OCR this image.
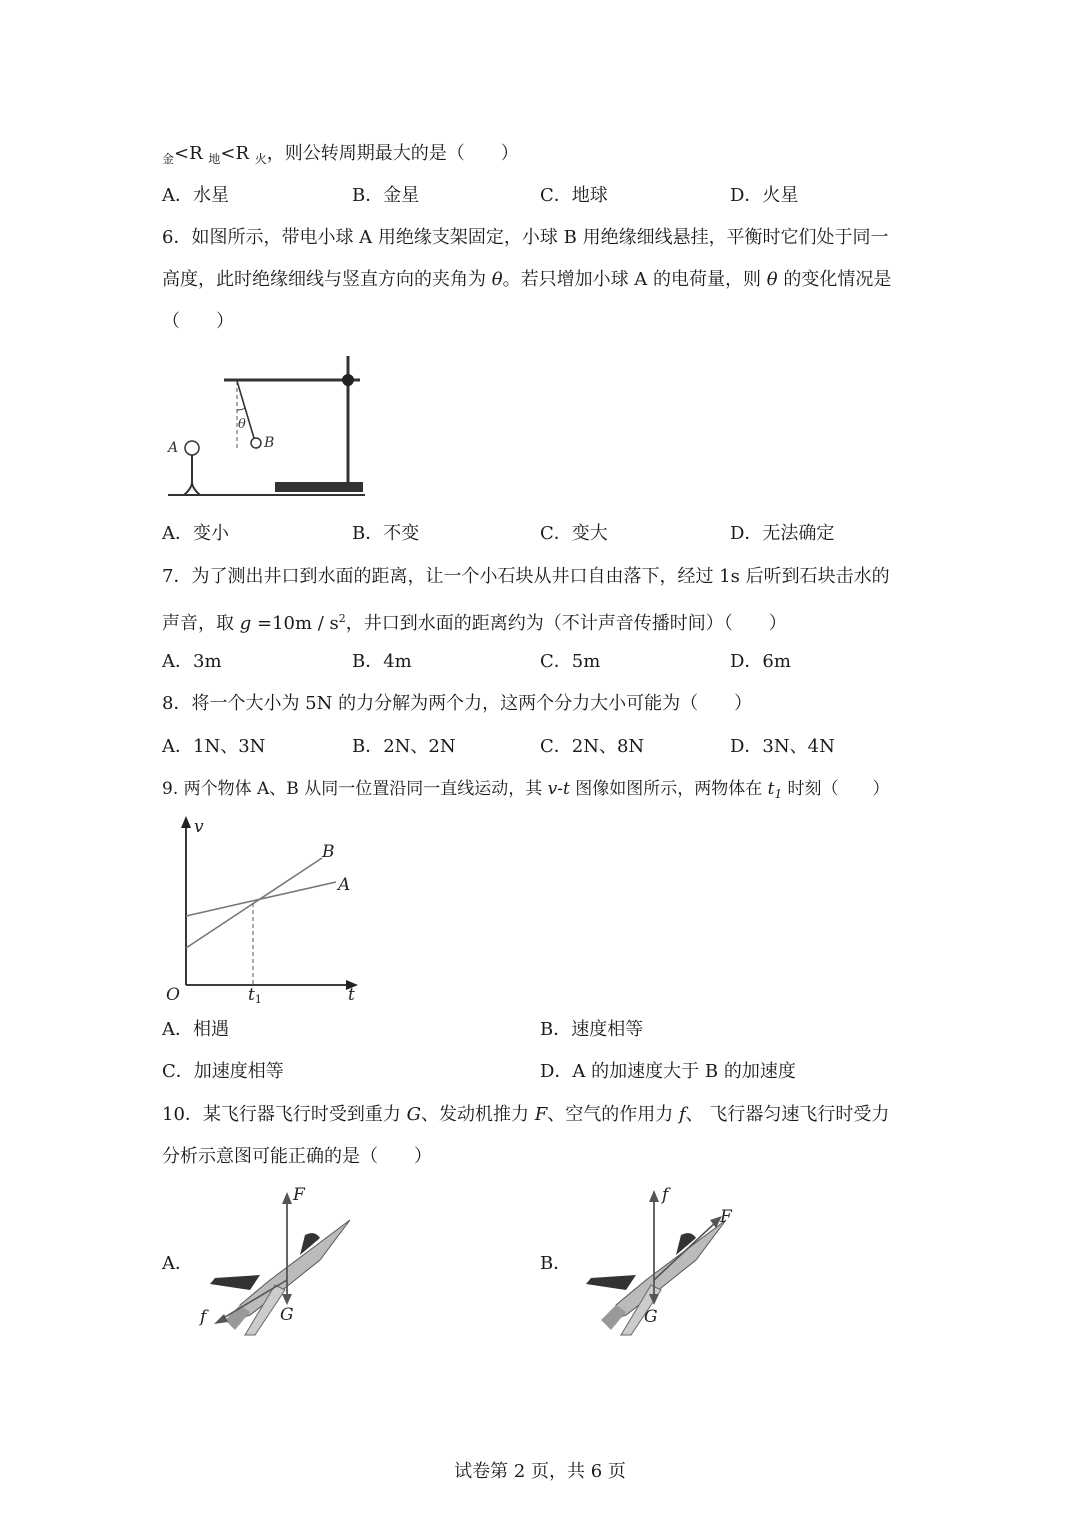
$_金$<R $_地$<R $_火$，则公转周期最大的是（　　）
A．水星	B．金星	C．地球	D．火星
6．如图所示，带电小球 A 用绝缘支架固定，小球 B 用绝缘细线悬挂，平衡时它们处于同一
高度，此时绝缘细线与竖直方向的夹角为 θ。若只增加小球 A 的电荷量，则 θ 的变化情况是
（　　）
θ
B
A
A．变小	B．不变	C．变大	D．无法确定
7．为了测出井口到水面的距离，让一个小石块从井口自由落下，经过 1s 后听到石块击水的
声音，取 $g =10m / s^2$，井口到水面的距离约为（不计声音传播时间）（　　）
A．3m	B．4m	C．5m	D．6m
8．将一个大小为 5N 的力分解为两个力，这两个分力大小可能为（　　）
A．1N、3N	B．2N、2N	C．2N、8N	D．3N、4N
9. 两个物体 A、B 从同一位置沿同一直线运动，其 v-t 图像如图所示，两物体在 $t_1$ 时刻（　　）
v
t
O	t1
B
A
A．相遇	B．速度相等
C．加速度相等	D．A 的加速度大于 B 的加速度
10．某飞行器飞行时受到重力 G、发动机推力 F、空气的作用力 f、 飞行器匀速飞行时受力
分析示意图可能正确的是（　　）
A．
F
G
f
B．
f
F
G
试卷第 2 页，共 6 页
